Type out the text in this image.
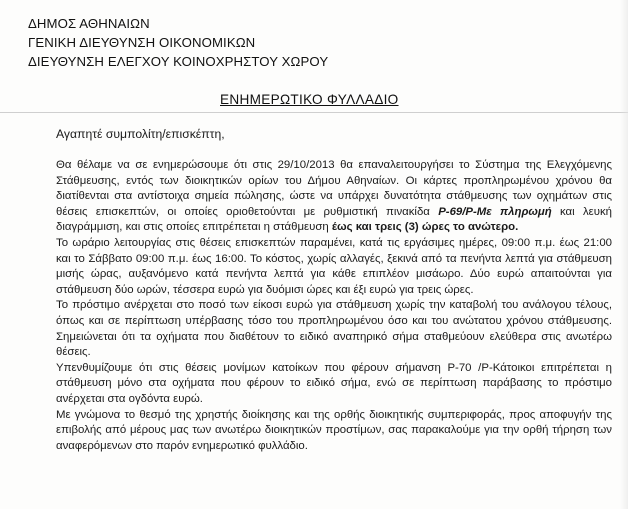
ΔΗΜΟΣ ΑΘΗΝΑΙΩΝ
ΓΕΝΙΚΗ ΔΙΕΥΘΥΝΣΗ ΟΙΚΟΝΟΜΙΚΩΝ
ΔΙΕΥΘΥΝΣΗ ΕΛΕΓΧΟΥ ΚΟΙΝΟΧΡΗΣΤΟΥ ΧΩΡΟΥ
ΕΝΗΜΕΡΩΤΙΚΟ ΦΥΛΛΑΔΙΟ
Αγαπητέ συμπολίτη/επισκέπτη,

Θα θέλαμε να σε ενημερώσουμε ότι στις 29/10/2013 θα επαναλειτουργήσει το Σύστημα της Ελεγχόμενης Στάθμευσης, εντός των διοικητικών ορίων του Δήμου Αθηναίων. Οι κάρτες προπληρωμένου χρόνου θα διατίθενται στα αντίστοιχα σημεία πώλησης, ώστε να υπάρχει δυνατότητα στάθμευσης των οχημάτων στις θέσεις επισκεπτών, οι οποίες οριοθετούνται με ρυθμιστική πινακίδα Ρ-69/Ρ-Με πληρωμή και λευκή διαγράμμιση, και στις οποίες επιτρέπεται η στάθμευση έως και τρεις (3) ώρες το ανώτερο.

Το ωράριο λειτουργίας στις θέσεις επισκεπτών παραμένει, κατά τις εργάσιμες ημέρες, 09:00 π.μ. έως 21:00 και το Σάββατο 09:00 π.μ. έως 16:00. Το κόστος, χωρίς αλλαγές, ξεκινά από τα πενήντα λεπτά για στάθμευση μισής ώρας, αυξανόμενο κατά πενήντα λεπτά για κάθε επιπλέον μισάωρο. Δύο ευρώ απαιτούνται για στάθμευση δύο ωρών, τέσσερα ευρώ για δυόμισι ώρες και έξι ευρώ για τρεις ώρες.

Το πρόστιμο ανέρχεται στο ποσό των είκοσι ευρώ για στάθμευση χωρίς την καταβολή του ανάλογου τέλους, όπως και σε περίπτωση υπέρβασης τόσο του προπληρωμένου όσο και του ανώτατου χρόνου στάθμευσης. Σημειώνεται ότι τα οχήματα που διαθέτουν το ειδικό αναπηρικό σήμα σταθμεύουν ελεύθερα στις ανωτέρω θέσεις.

Υπενθυμίζουμε ότι στις θέσεις μονίμων κατοίκων που φέρουν σήμανση Ρ-70 /Ρ-Κάτοικοι επιτρέπεται η στάθμευση μόνο στα οχήματα που φέρουν το ειδικό σήμα, ενώ σε περίπτωση παράβασης το πρόστιμο ανέρχεται στα ογδόντα ευρώ.

Με γνώμονα το θεσμό της χρηστής διοίκησης και της ορθής διοικητικής συμπεριφοράς, προς αποφυγήν της επιβολής από μέρους μας των ανωτέρω διοικητικών προστίμων, σας παρακαλούμε για την ορθή τήρηση των αναφερόμενων στο παρόν ενημερωτικό φυλλάδιο.
